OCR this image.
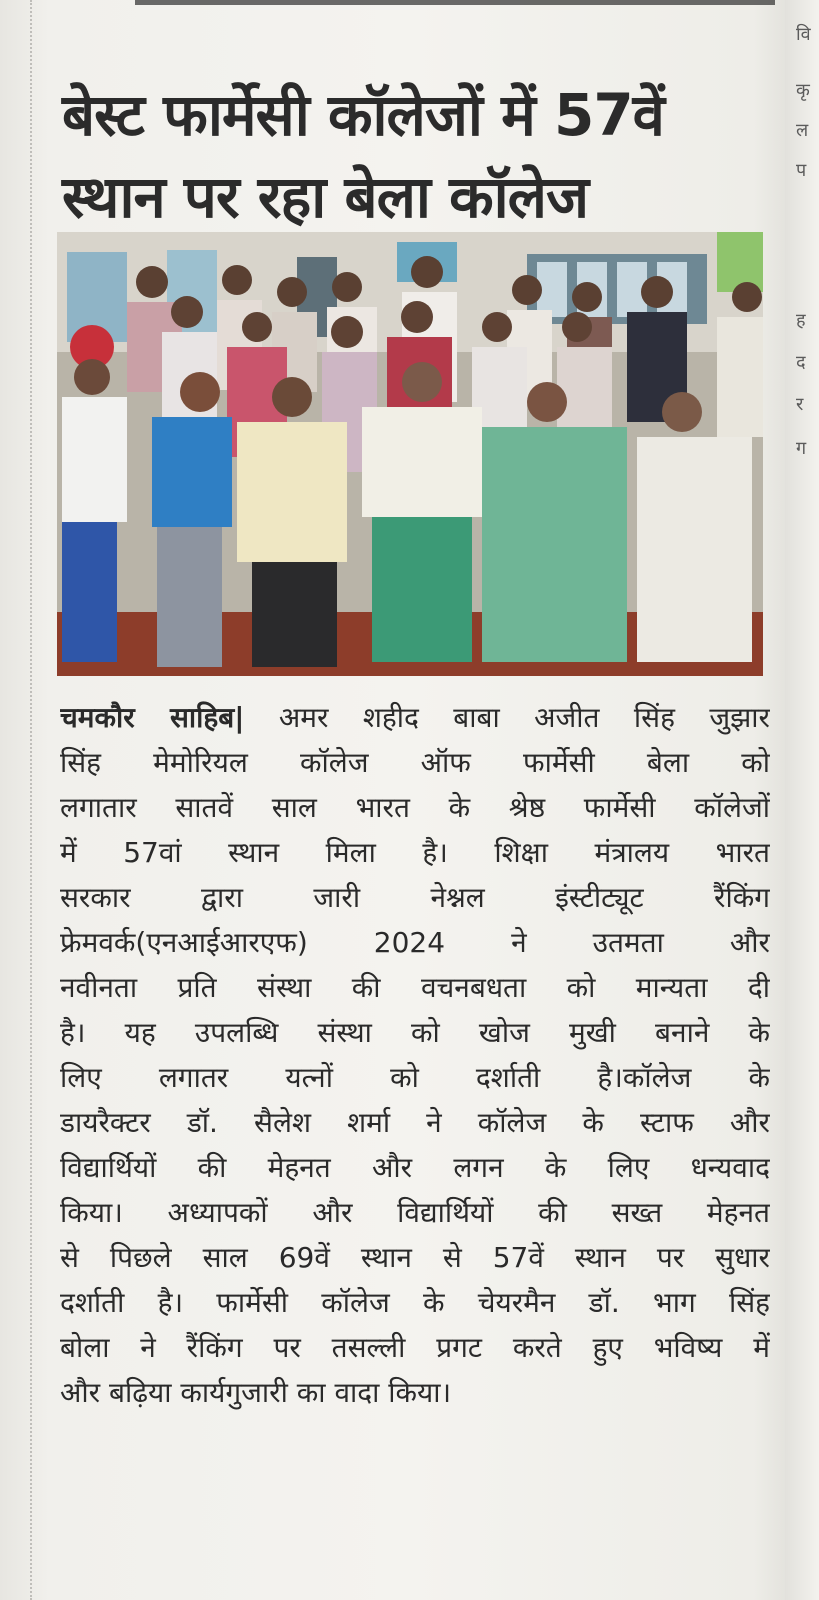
वि
कृ
ल
प
ह
द
र
ग
बेस्ट फार्मेसी कॉलेजों में 57वें
स्थान पर रहा बेला कॉलेज
चमकौर साहिब| अमर शहीद बाबा अजीत सिंह जुझार
सिंह मेमोरियल कॉलेज ऑफ फार्मेसी बेला को
लगातार सातवें साल भारत के श्रेष्ठ फार्मेसी कॉलेजों
में 57वां स्थान मिला है। शिक्षा मंत्रालय भारत
सरकार द्वारा जारी नेश्नल इंस्टीट्यूट रैंकिंग
फ्रेमवर्क(एनआईआरएफ) 2024 ने उतमता और
नवीनता प्रति संस्था की वचनबधता को मान्यता दी
है। यह उपलब्धि संस्था को खोज मुखी बनाने के
लिए लगातर यत्नों को दर्शाती है।कॉलेज के
डायरैक्टर डॉ. सैलेश शर्मा ने कॉलेज के स्टाफ और
विद्यार्थियों की मेहनत और लगन के लिए धन्यवाद
किया। अध्यापकों और विद्यार्थियों की सख्त मेहनत
से पिछले साल 69वें स्थान से 57वें स्थान पर सुधार
दर्शाती है। फार्मेसी कॉलेज के चेयरमैन डॉ. भाग सिंह
बोला ने रैंकिंग पर तसल्ली प्रगट करते हुए भविष्य में
और बढ़िया कार्यगुजारी का वादा किया।
